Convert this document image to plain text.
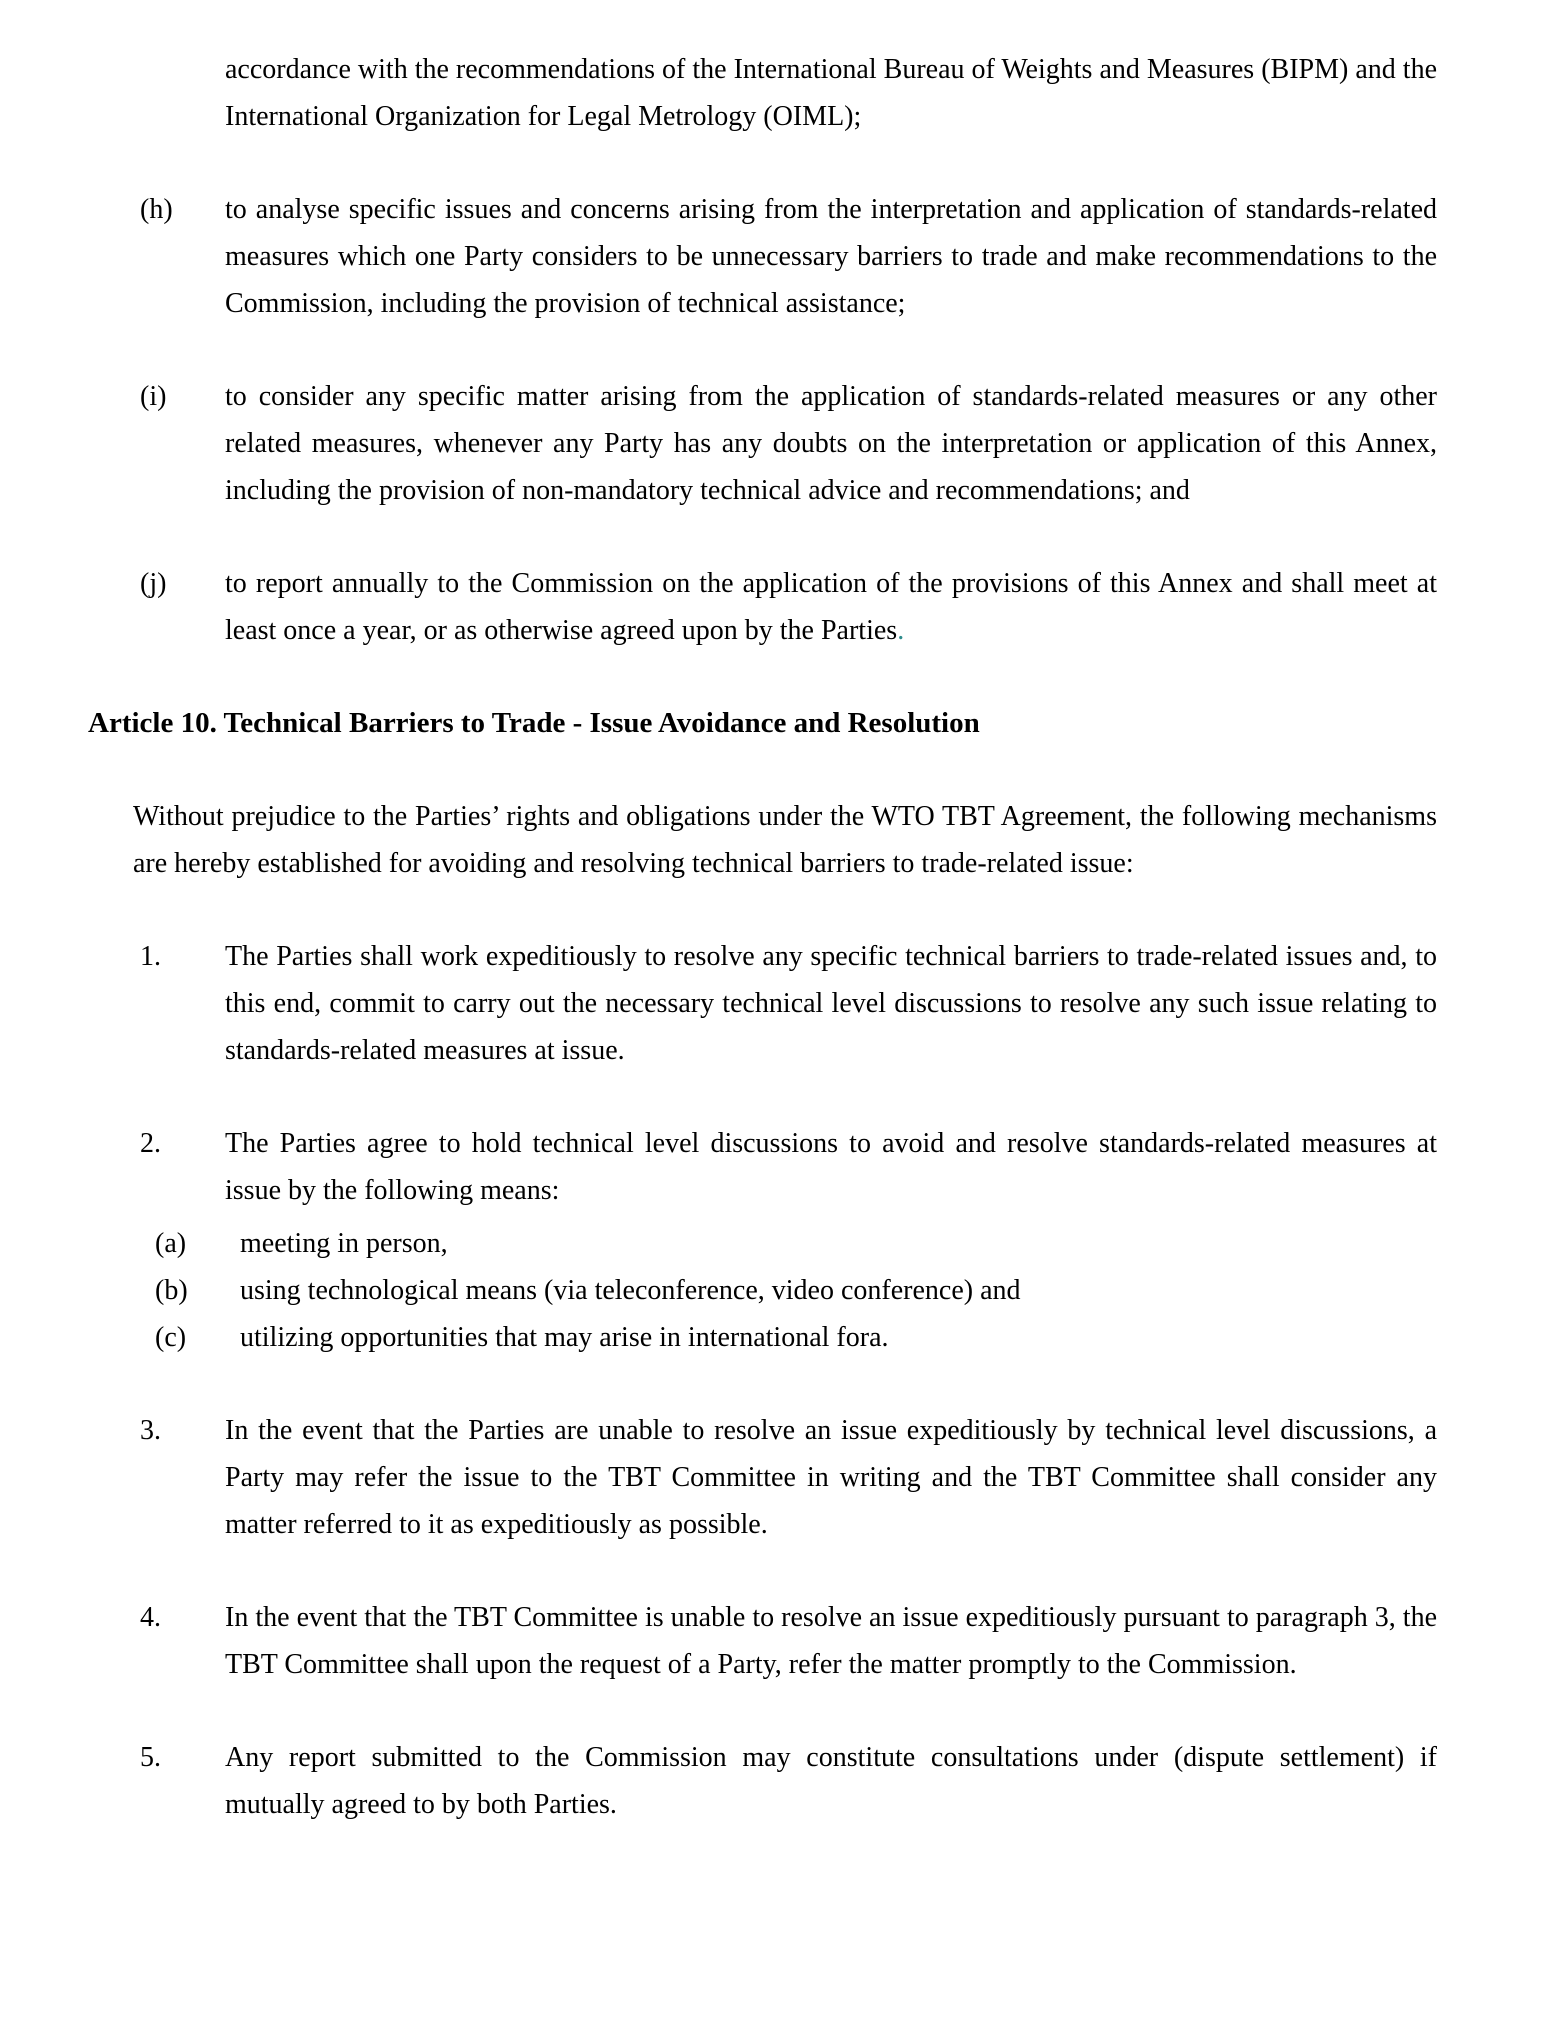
accordance with the recommendations of the International Bureau of Weights and Measures (BIPM) and the International Organization for Legal Metrology (OIML);

(h)	to analyse specific issues and concerns arising from the interpretation and application of standards-related measures which one Party considers to be unnecessary barriers to trade and make recommendations to the Commission, including the provision of technical assistance;

(i)	to consider any specific matter arising from the application of standards-related measures or any other related measures, whenever any Party has any doubts on the interpretation or application of this Annex, including the provision of non-mandatory technical advice and recommendations; and

(j)	to report annually to the Commission on the application of the provisions of this Annex and shall meet at least once a year, or as otherwise agreed upon by the Parties.

Article 10. Technical Barriers to Trade - Issue Avoidance and Resolution

Without prejudice to the Parties’ rights and obligations under the WTO TBT Agreement, the following mechanisms are hereby established for avoiding and resolving technical barriers to trade-related issue:

1.	The Parties shall work expeditiously to resolve any specific technical barriers to trade-related issues and, to this end, commit to carry out the necessary technical level discussions to resolve any such issue relating to standards-related measures at issue.

2.	The Parties agree to hold technical level discussions to avoid and resolve standards-related measures at issue by the following means:

(a)	meeting in person,

(b)	using technological means (via teleconference, video conference) and

(c)	utilizing opportunities that may arise in international fora.

3.	In the event that the Parties are unable to resolve an issue expeditiously by technical level discussions, a Party may refer the issue to the TBT Committee in writing and the TBT Committee shall consider any matter referred to it as expeditiously as possible.

4.	In the event that the TBT Committee is unable to resolve an issue expeditiously pursuant to paragraph 3, the TBT Committee shall upon the request of a Party, refer the matter promptly to the Commission.

5.	Any report submitted to the Commission may constitute consultations under (dispute settlement) if mutually agreed to by both Parties.
